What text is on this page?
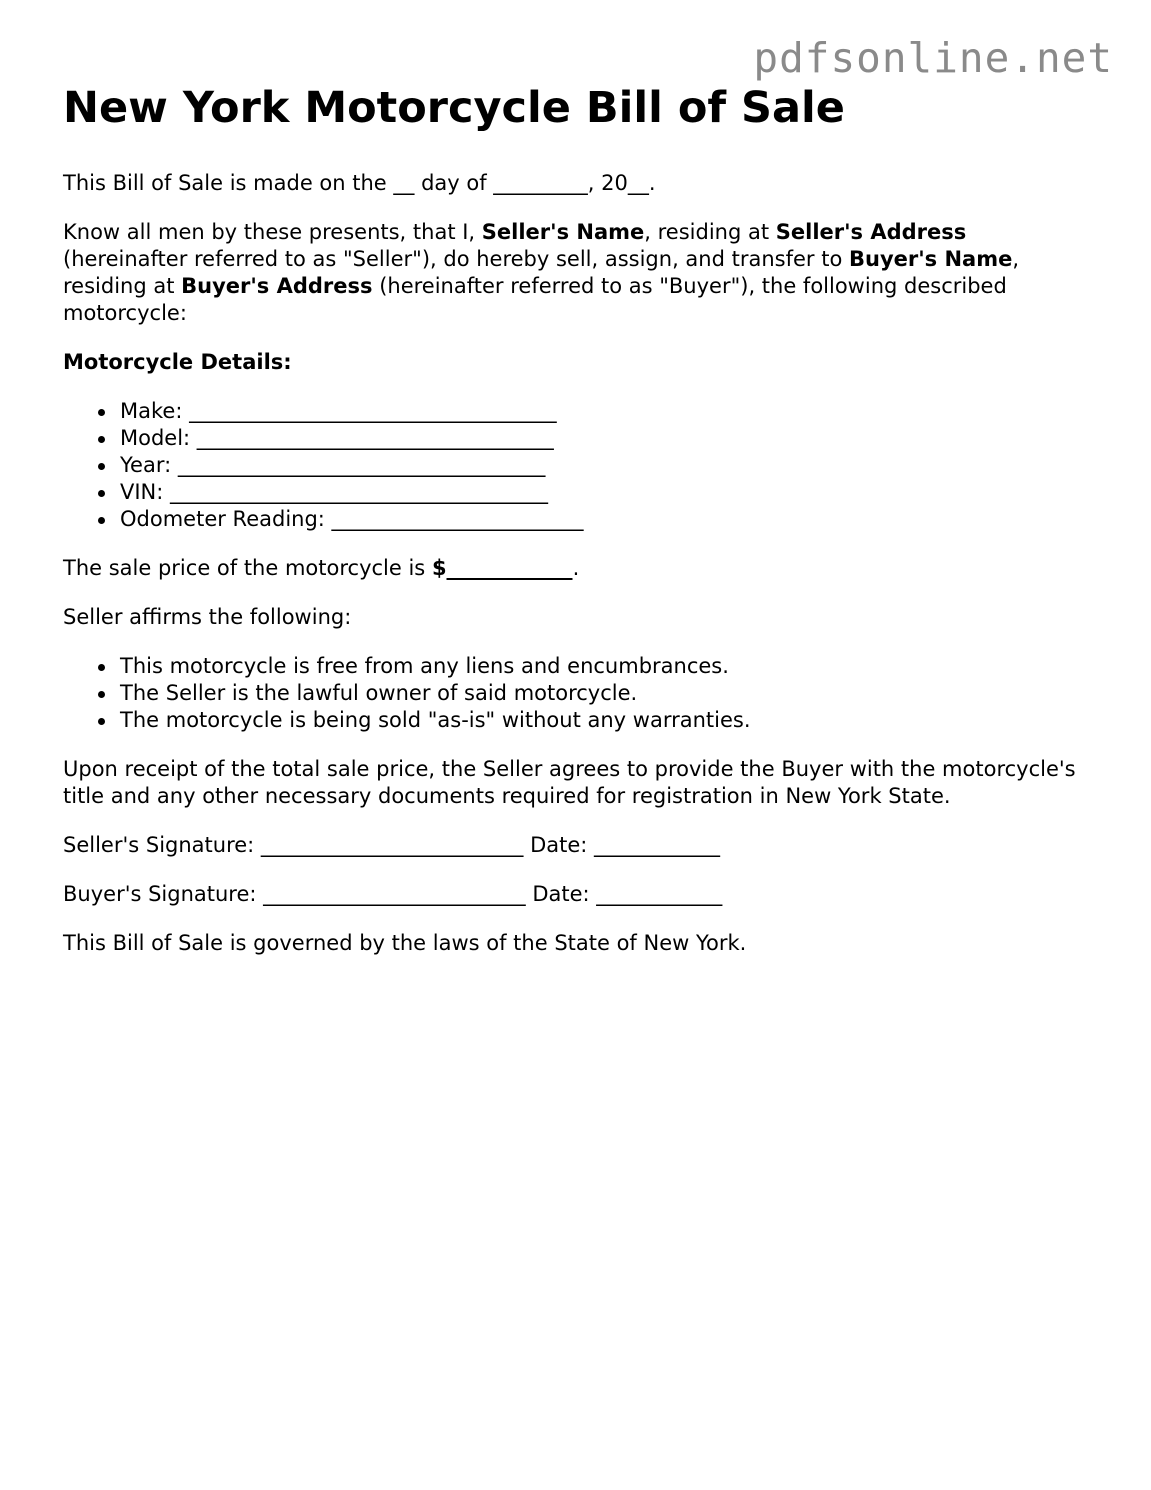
pdfsonline.net
New York Motorcycle Bill of Sale

This Bill of Sale is made on the __ day of _________, 20__.

Know all men by these presents, that I, Seller's Name, residing at Seller's Address (hereinafter referred to as "Seller"), do hereby sell, assign, and transfer to Buyer's Name, residing at Buyer's Address (hereinafter referred to as "Buyer"), the following described motorcycle:

Motorcycle Details:

Make: ___________________________________
Model: __________________________________
Year: ___________________________________
VIN: ____________________________________
Odometer Reading: ________________________

The sale price of the motorcycle is $____________.

Seller affirms the following:

This motorcycle is free from any liens and encumbrances.
The Seller is the lawful owner of said motorcycle.
The motorcycle is being sold "as-is" without any warranties.

Upon receipt of the total sale price, the Seller agrees to provide the Buyer with the motorcycle's title and any other necessary documents required for registration in New York State.

Seller's Signature: _________________________ Date: ____________

Buyer's Signature: _________________________ Date: ____________

This Bill of Sale is governed by the laws of the State of New York.
